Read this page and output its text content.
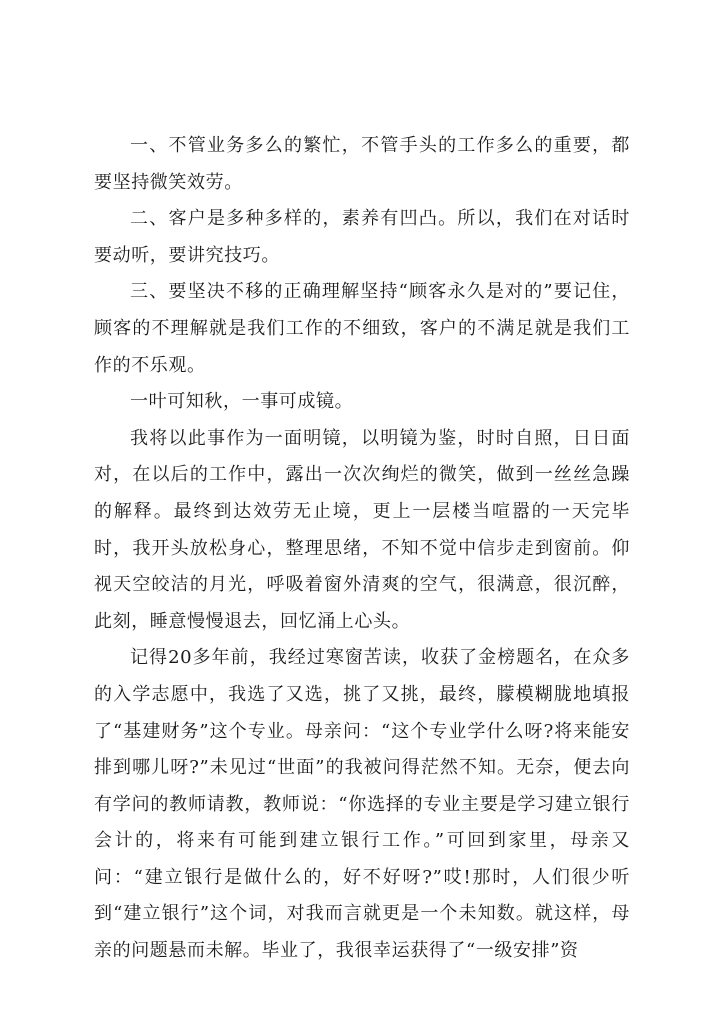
一、不管业务多么的繁忙，不管手头的工作多么的重要，都要坚持微笑效劳。

二、客户是多种多样的，素养有凹凸。所以，我们在对话时要动听，要讲究技巧。

三、要坚决不移的正确理解坚持“顾客永久是对的”要记住，顾客的不理解就是我们工作的不细致，客户的不满足就是我们工作的不乐观。

一叶可知秋，一事可成镜。

我将以此事作为一面明镜，以明镜为鉴，时时自照，日日面对，在以后的工作中，露出一次次绚烂的微笑，做到一丝丝急躁的解释。最终到达效劳无止境，更上一层楼当喧嚣的一天完毕时，我开头放松身心，整理思绪，不知不觉中信步走到窗前。仰视天空皎洁的月光，呼吸着窗外清爽的空气，很满意，很沉醉，此刻，睡意慢慢退去，回忆涌上心头。

记得20多年前，我经过寒窗苦读，收获了金榜题名，在众多的入学志愿中，我选了又选，挑了又挑，最终，朦模糊胧地填报了“基建财务”这个专业。母亲问：“这个专业学什么呀?将来能安排到哪儿呀?”未见过“世面”的我被问得茫然不知。无奈，便去向有学问的教师请教，教师说：“你选择的专业主要是学习建立银行会计的，将来有可能到建立银行工作。”可回到家里，母亲又问：“建立银行是做什么的，好不好呀?”哎!那时，人们很少听到“建立银行”这个词，对我而言就更是一个未知数。就这样，母亲的问题悬而未解。毕业了，我很幸运获得了“一级安排”资
